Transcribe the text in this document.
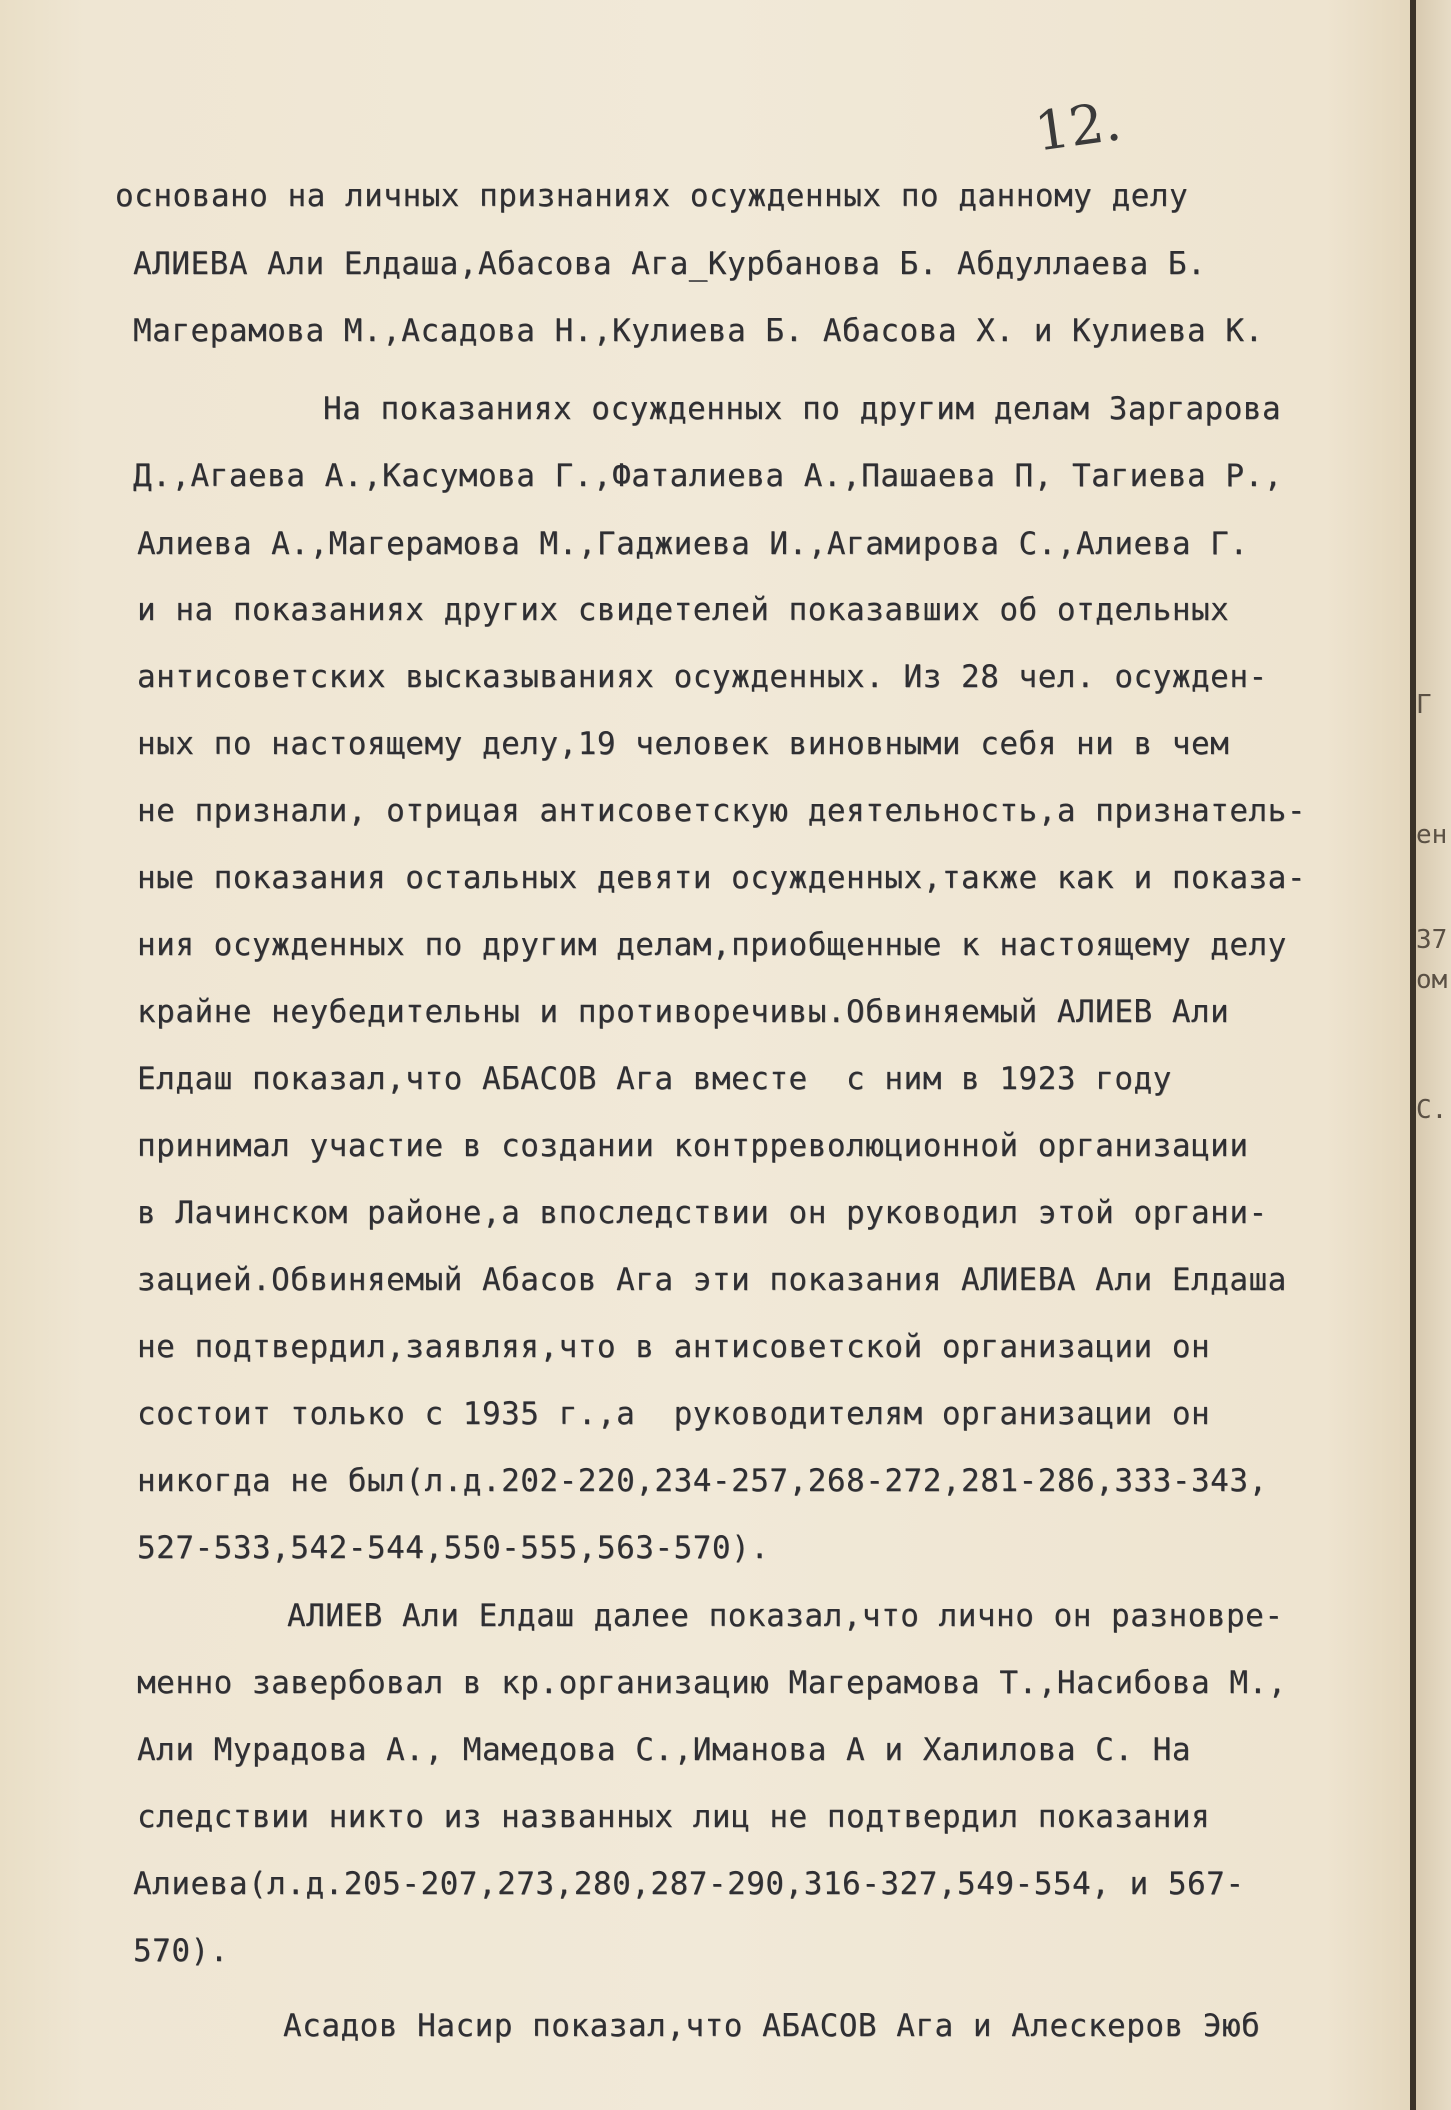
12.
основано на личных признаниях осужденных по данному делу
АЛИЕВА Али Елдаша,Абасова Ага_Курбанова Б. Абдуллаева Б.
Магерамова М.,Асадова Н.,Кулиева Б. Абасова Х. и Кулиева К.
На показаниях осужденных по другим делам Заргарова
Д.,Агаева А.,Касумова Г.,Фаталиева А.,Пашаева П, Тагиева Р.,
Алиева А.,Магерамова М.,Гаджиева И.,Агамирова С.,Алиева Г.
и на показаниях других свидетелей показавших об отдельных
антисоветских высказываниях осужденных. Из 28 чел. осужден-
ных по настоящему делу,19 человек виновными себя ни в чем
не признали, отрицая антисоветскую деятельность,а признатель-
ные показания остальных девяти осужденных,также как и показа-
ния осужденных по другим делам,приобщенные к настоящему делу
крайне неубедительны и противоречивы.Обвиняемый АЛИЕВ Али
Елдаш показал,что АБАСОВ Ага вместе  с ним в 1923 году
принимал участие в создании контрреволюционной организации
в Лачинском районе,а впоследствии он руководил этой органи-
зацией.Обвиняемый Абасов Ага эти показания АЛИЕВА Али Елдаша
не подтвердил,заявляя,что в антисоветской организации он
состоит только с 1935 г.,а  руководителям организации он
никогда не был(л.д.202-220,234-257,268-272,281-286,333-343,
527-533,542-544,550-555,563-570).
АЛИЕВ Али Елдаш далее показал,что лично он разновре-
менно завербовал в кр.организацию Магерамова Т.,Насибова М.,
Али Мурадова А., Мамедова С.,Иманова А и Халилова С. На
следствии никто из названных лиц не подтвердил показания
Алиева(л.д.205-207,273,280,287-290,316-327,549-554, и 567-
570).
Асадов Насир показал,что АБАСОВ Ага и Алескеров Эюб
Г
ен
37
ом
С.
